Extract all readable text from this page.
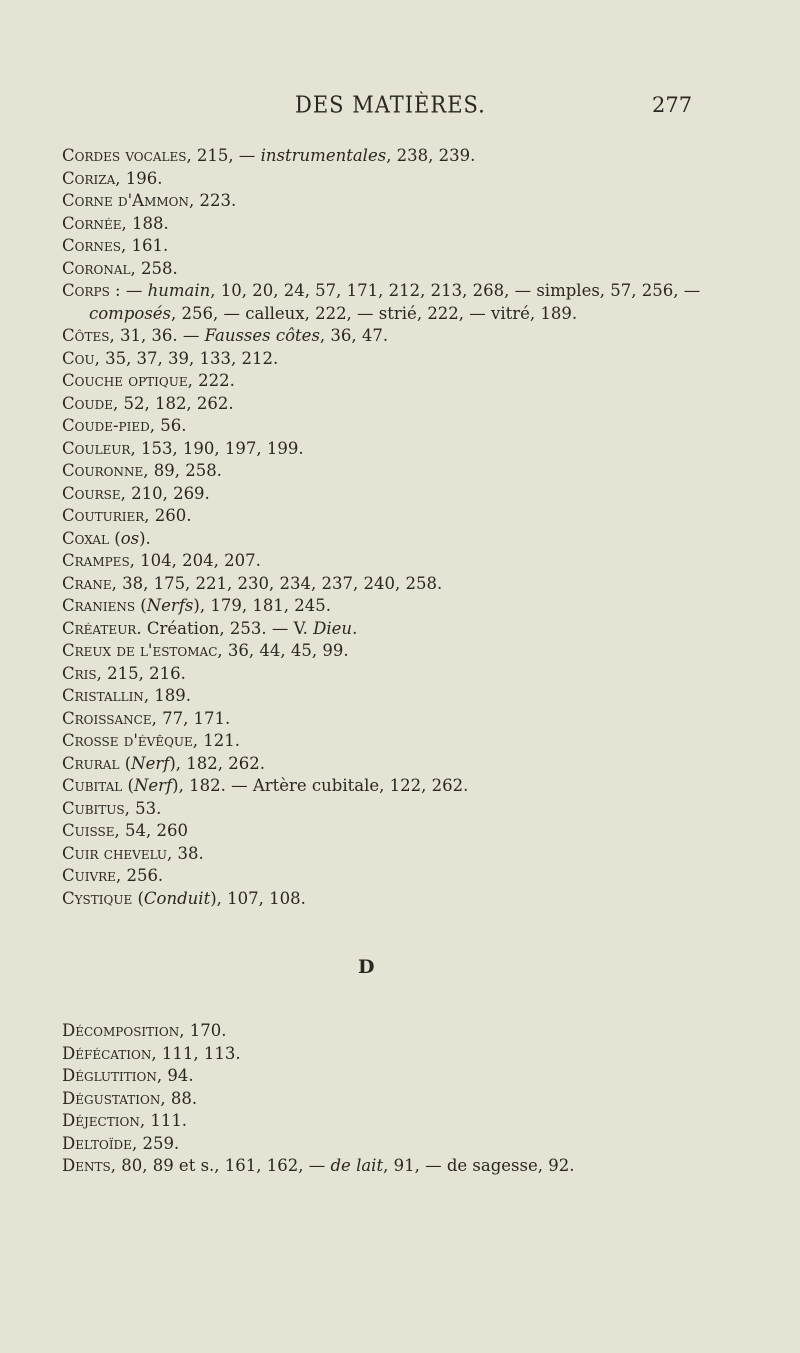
DES MATIÈRES.	277
Cordes vocales, 215, — instrumentales, 238, 239.
Coriza, 196.
Corne d'Ammon, 223.
Cornée, 188.
Cornes, 161.
Coronal, 258.
Corps : — humain, 10, 20, 24, 57, 171, 212, 213, 268, — simples, 57, 256, —
composés, 256, — calleux, 222, — strié, 222, — vitré, 189.
Côtes, 31, 36. — Fausses côtes, 36, 47.
Cou, 35, 37, 39, 133, 212.
Couche optique, 222.
Coude, 52, 182, 262.
Coude-pied, 56.
Couleur, 153, 190, 197, 199.
Couronne, 89, 258.
Course, 210, 269.
Couturier, 260.
Coxal (os).
Crampes, 104, 204, 207.
Crane, 38, 175, 221, 230, 234, 237, 240, 258.
Craniens (Nerfs), 179, 181, 245.
Créateur. Création, 253. — V. Dieu.
Creux de l'estomac, 36, 44, 45, 99.
Cris, 215, 216.
Cristallin, 189.
Croissance, 77, 171.
Crosse d'évêque, 121.
Crural (Nerf), 182, 262.
Cubital (Nerf), 182. — Artère cubitale, 122, 262.
Cubitus, 53.
Cuisse, 54, 260
Cuir chevelu, 38.
Cuivre, 256.
Cystique (Conduit), 107, 108.
D
Décomposition, 170.
Défécation, 111, 113.
Déglutition, 94.
Dégustation, 88.
Déjection, 111.
Deltoïde, 259.
Dents, 80, 89 et s., 161, 162, — de lait, 91, — de sagesse, 92.
